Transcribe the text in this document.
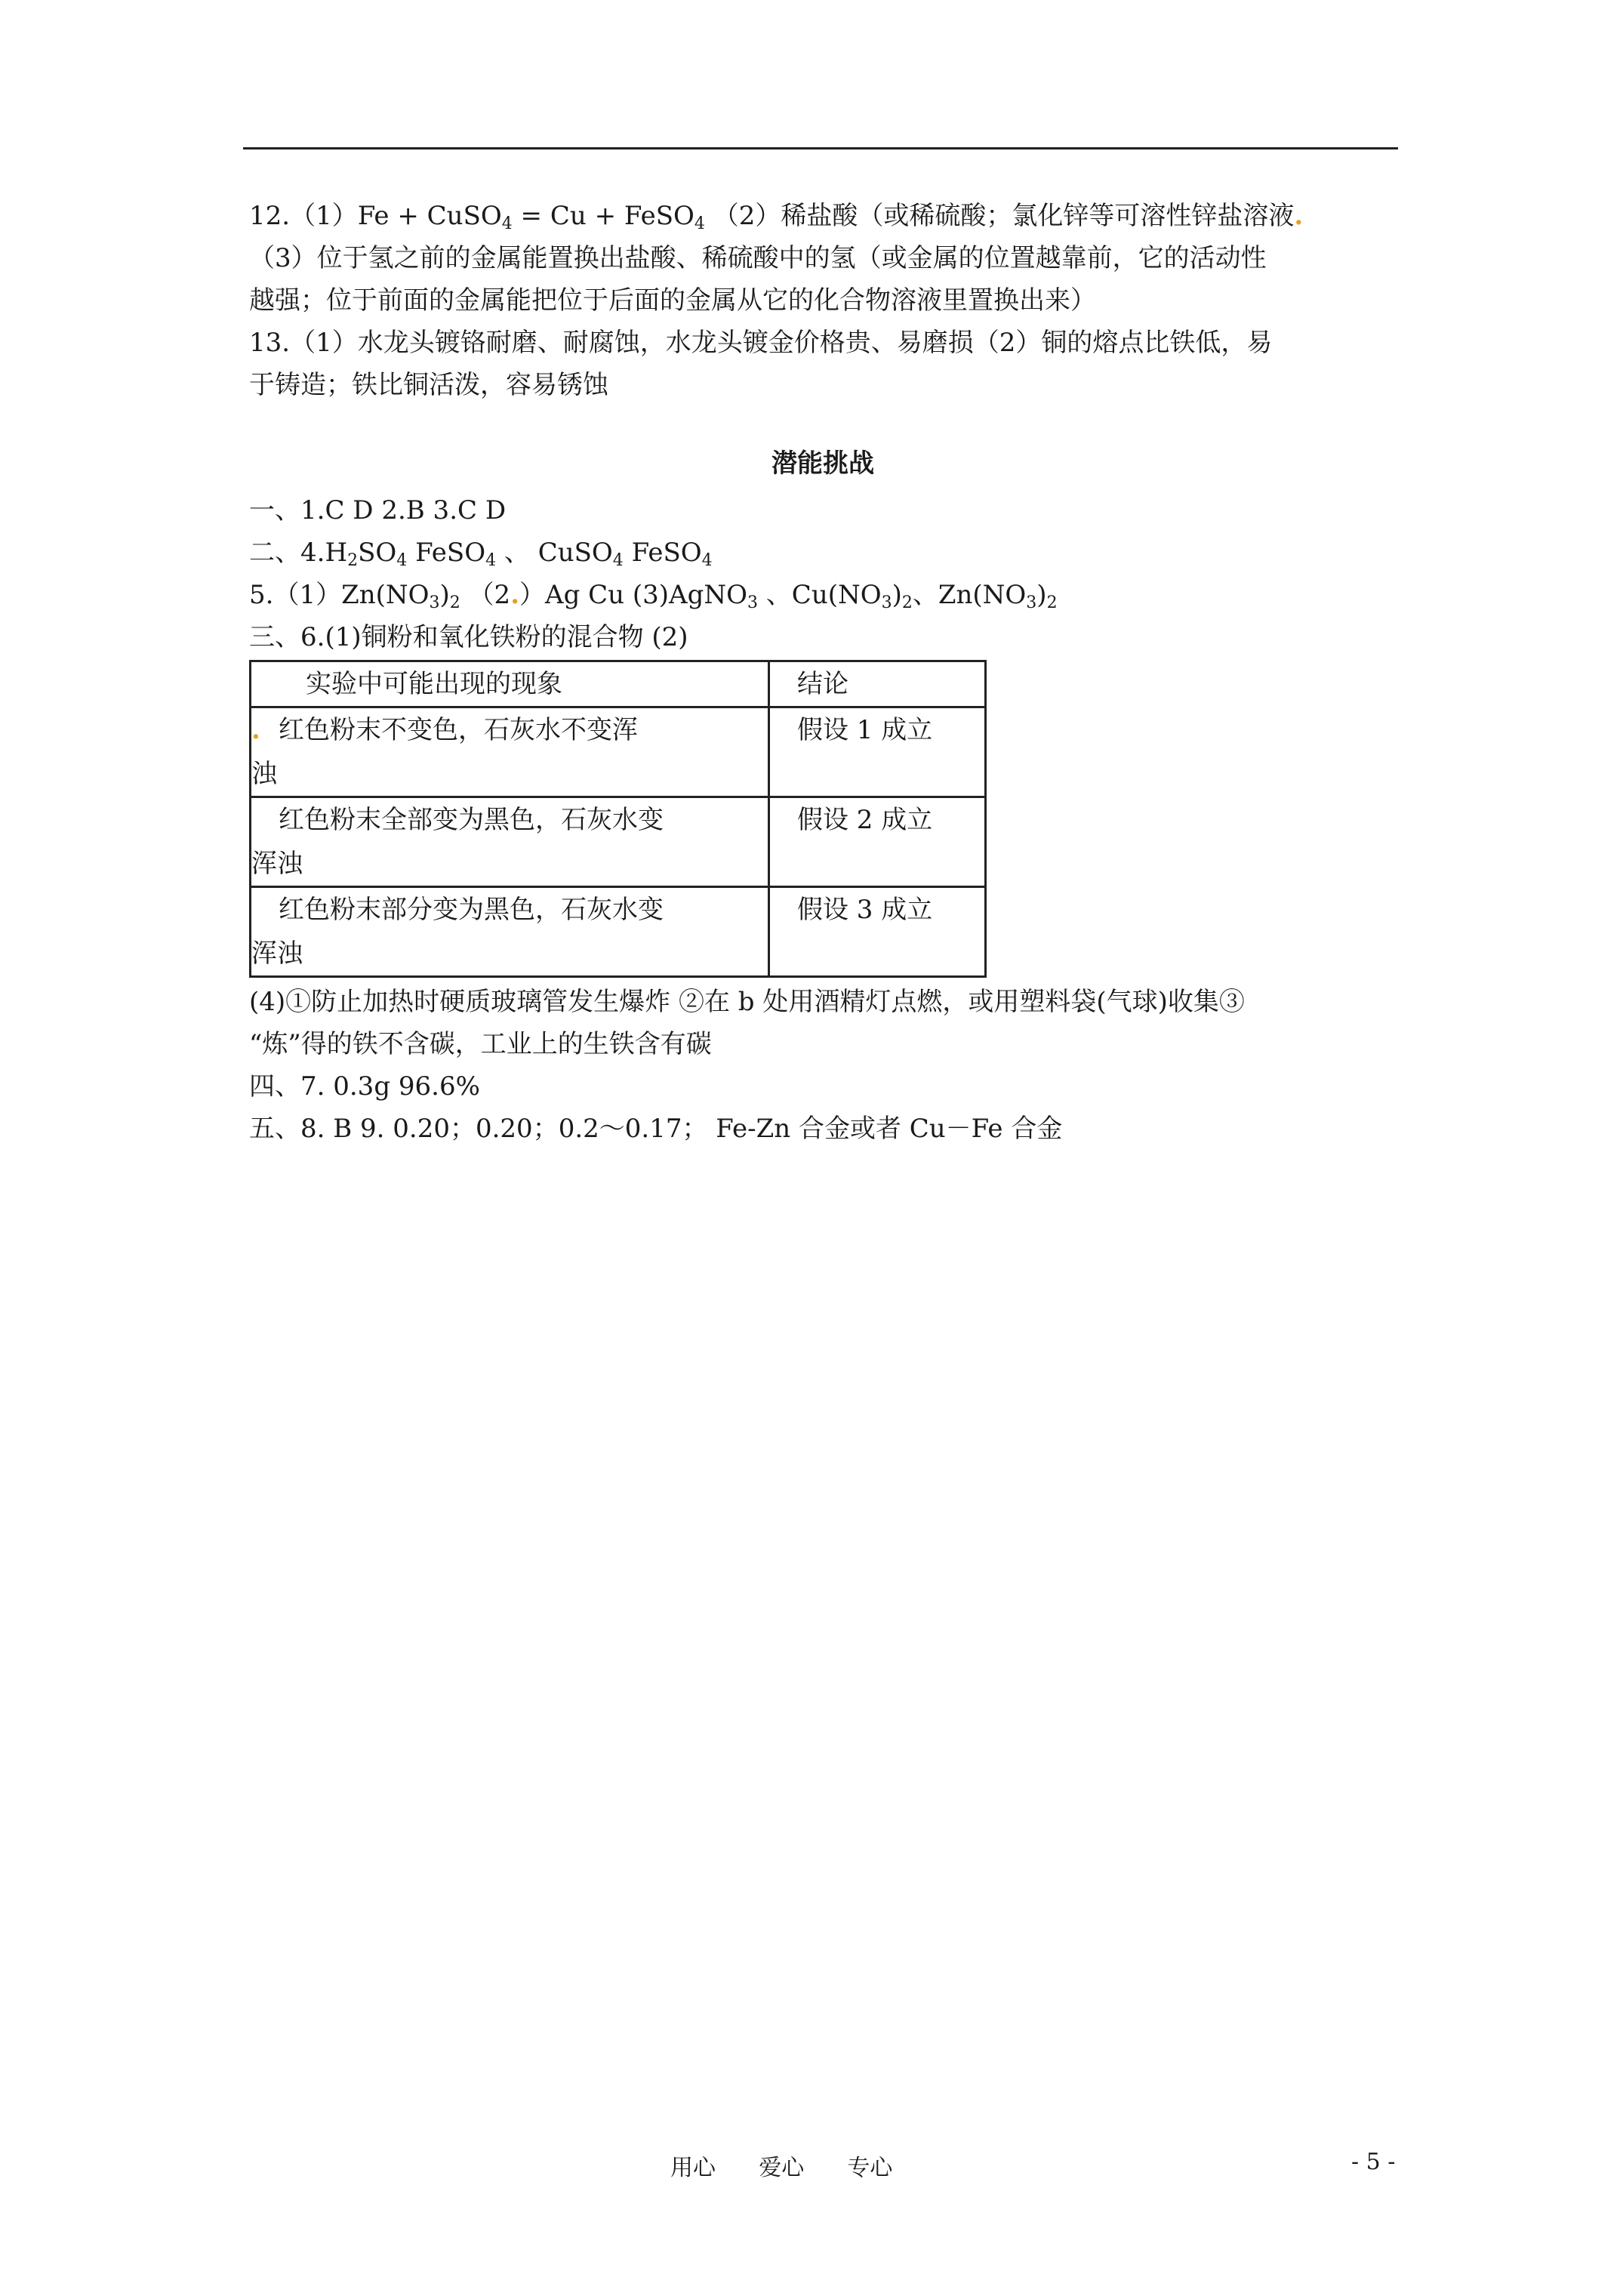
12.（1）Fe + CuSO$_4$ = Cu + FeSO$_4$ （2）稀盐酸（或稀硫酸；氯化锌等可溶性锌盐溶液.
（3）位于氢之前的金属能置换出盐酸、稀硫酸中的氢（或金属的位置越靠前，它的活动性
越强；位于前面的金属能把位于后面的金属从它的化合物溶液里置换出来）
13.（1）水龙头镀铬耐磨、耐腐蚀，水龙头镀金价格贵、易磨损（2）铜的熔点比铁低，易
于铸造；铁比铜活泼，容易锈蚀
潜能挑战
一、1.C D 2.B 3.C D
二、$4.H_2SO_4$ FeSO$_4$ 、 CuSO$_4$ FeSO$_4$
$5.(1)Zn(NO_3)_2$ （2.）Ag Cu (3)AgNO$_3$ 、$Cu(NO_3)_2$、$Zn(NO_3)_2$
三、6.(1)铜粉和氧化铁粉的混合物 (2)
实验中可能出现的现象	结论
. 红色粉末不变色，石灰水不变浑
浊	假设 1 成立
红色粉末全部变为黑色，石灰水变
浑浊	假设 2 成立
红色粉末部分变为黑色，石灰水变
浑浊	假设 3 成立
(4)①防止加热时硬质玻璃管发生爆炸 ②在 b 处用酒精灯点燃，或用塑料袋(气球)收集③
“炼”得的铁不含碳，工业上的生铁含有碳
四、7. 0.3g 96.6%
五、8. B 9. 0.20；0.20；0.2～0.17； Fe-Zn 合金或者 Cu－Fe 合金
用心      爱心      专心	- 5 -
